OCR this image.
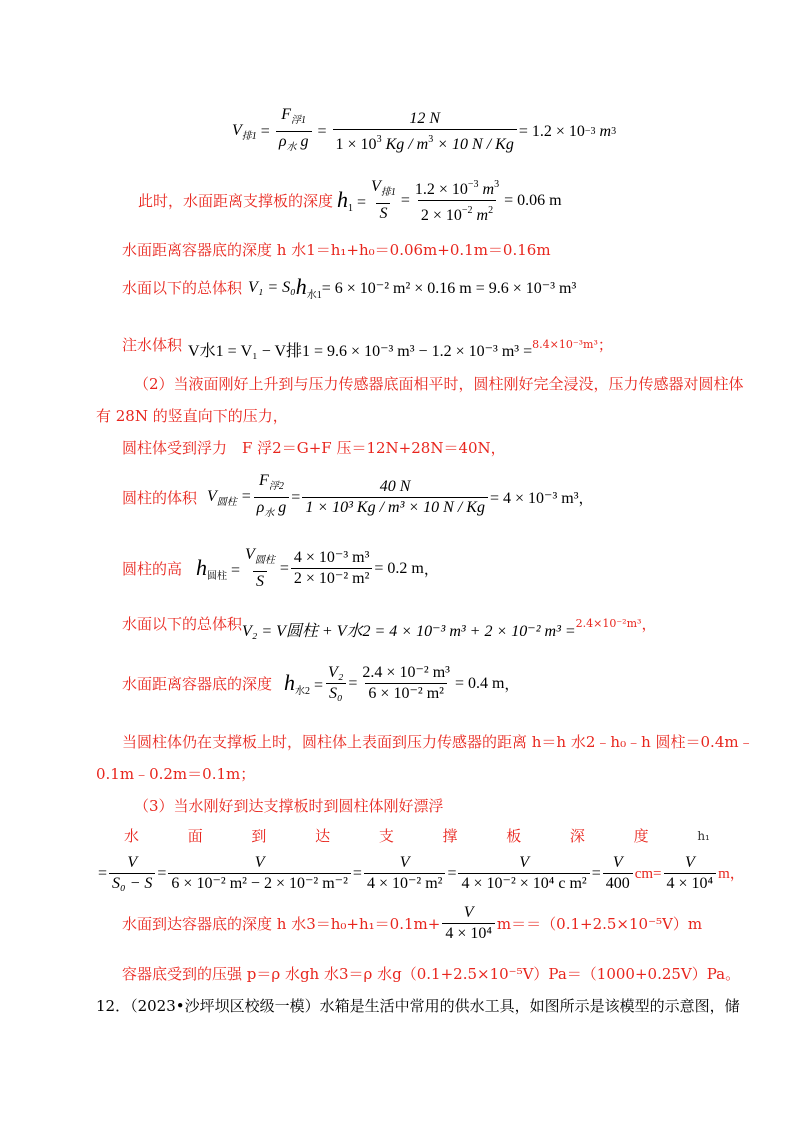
$V_{排1} = \frac{F_{浮1}}{\rho_水 g} = \frac{12 N}{1 \times 10^3 Kg / m^3 \times 10 N / Kg} = 1.2 \times 10 -3$ m 3
此时，水面距离支撑板的深度 $h_1 = \frac{V_{排1}}{S} = \frac{1.2 \times 10^{-3} m^3}{2 \times 10^{-2} m^2} = 0.06$ m
水面距离容器底的深度 h 水1＝h₁+h₀＝0.06m+0.1m＝0.16m
水面以下的总体积 V₁ = S₀ $h_{水1} = 6 \times 10^{-2}$ m² × 0.16 m = 9.6 × 10⁻³ m³
注水体积 V水1 = V₁ − V排1 = 9.6 × 10⁻³ m³ − 1.2 × 10⁻³ m³ = 8.4×10⁻³m³ ；
（2）当液面刚好上升到与压力传感器底面相平时，圆柱刚好完全浸没，压力传感器对圆柱体
有 28N 的竖直向下的压力，
圆柱体受到浮力　F 浮2＝G+F 压＝12N+28N＝40N，
圆柱的体积 $V_{圆柱} = \frac{F_{浮2}}{\rho_水 g} = \frac{40 N}{\text{1 × 10³ Kg / m³ × 10 N / Kg}} = 4 \times 10^{-3}$ m³ ，
圆柱的高 $h_{圆柱} = \frac{V_{圆柱}}{S} = \frac{\text{4 × 10⁻³ m³}}{\text{2 × 10⁻² m²}} = 0.2$ m ，
水面以下的总体积 V₂ = V圆柱 + V水2 = 4 × 10⁻³ m³ + 2 × 10⁻² m³ = 2.4×10⁻²m³ ，
水面距离容器底的深度 $h_{水2} = \frac{\text{V₂}}{\text{S₀}} = \frac{\text{2.4 × 10⁻² m³}}{\text{6 × 10⁻² m²}} = 0.4$ m ，
当圆柱体仍在支撑板上时，圆柱体上表面到压力传感器的距离 h＝h 水2﹣h₀﹣h 圆柱＝0.4m﹣
0.1m﹣0.2m＝0.1m；
（3）当水刚好到达支撑板时到圆柱体刚好漂浮
水	面	到	达	支	撑	板	深	度	h₁
= $\frac{V}{\text{S₀ − S}} = \frac{V}{\text{6 × 10⁻² m² − 2 × 10⁻² m⁻²}} = \frac{V}{\text{4 × 10⁻² m²}} = \frac{V}{\text{4 × 10⁻² × 10⁴ c m²}} = \frac{V}{400} cm= \frac{V}{\text{4 × 10⁴}}$ m，
水面到达容器底的深度 h 水$3=h_0+h_1=0.1m+ \frac{V}{\text{4 × 10⁴}} m==(0.1+2.5\times 10^{-5}V)m$
容器底受到的压强 p＝ρ 水gh 水3＝ρ 水g（0.1+2.5×10⁻⁵V）Pa＝（1000+0.25V）Pa。
12．（2023•沙坪坝区校级一模）水箱是生活中常用的供水工具，如图所示是该模型的示意图，储
